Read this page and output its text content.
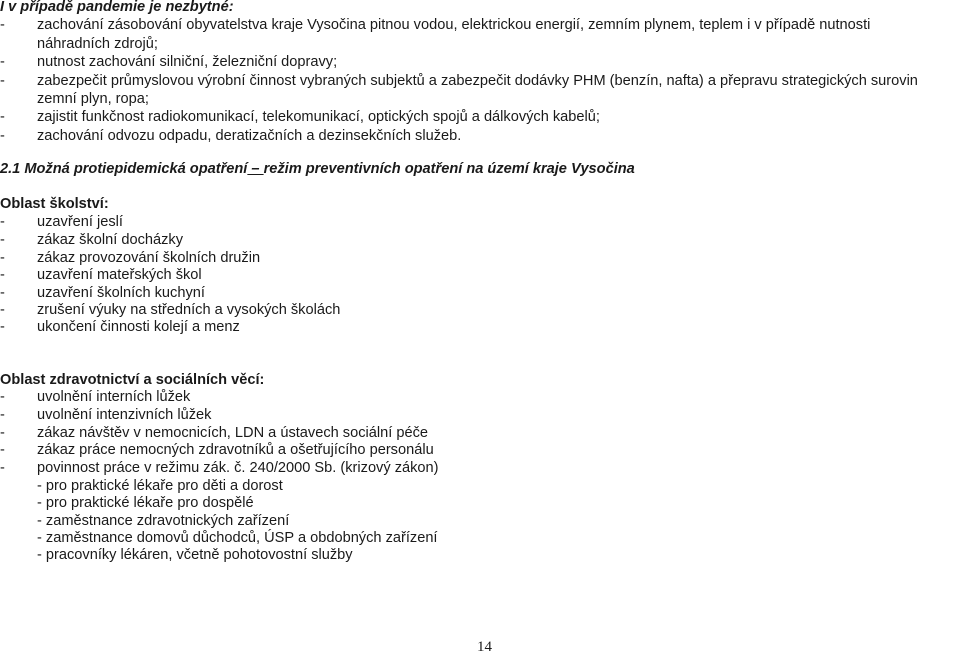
I v případě pandemie je nezbytné:
- zachování zásobování obyvatelstva kraje Vysočina pitnou vodou, elektrickou energií, zemním plynem, teplem i v případě nutnosti
náhradních zdrojů;
- nutnost zachování silniční, železniční dopravy;
- zabezpečit průmyslovou výrobní činnost vybraných subjektů a zabezpečit dodávky PHM (benzín, nafta) a přepravu strategických surovin
zemní plyn, ropa;
- zajistit funkčnost radiokomunikací, telekomunikací, optických spojů a dálkových kabelů;
- zachování odvozu odpadu, deratizačních a dezinsekčních služeb.
2.1 Možná protiepidemická opatření – režim preventivních opatření na území kraje Vysočina
Oblast školství:
- uzavření jeslí
- zákaz školní docházky
- zákaz provozování školních družin
- uzavření mateřských škol
- uzavření školních kuchyní
- zrušení výuky na středních a vysokých školách
- ukončení činnosti kolejí a menz
Oblast zdravotnictví a sociálních věcí:
- uvolnění interních lůžek
- uvolnění intenzivních lůžek
- zákaz návštěv v nemocnicích, LDN a ústavech sociální péče
- zákaz práce nemocných zdravotníků a ošetřujícího personálu
- povinnost práce v režimu zák. č. 240/2000 Sb. (krizový zákon)
- pro praktické lékaře pro děti a dorost
- pro praktické lékaře pro dospělé
- zaměstnance zdravotnických zařízení
- zaměstnance domovů důchodců, ÚSP a obdobných zařízení
- pracovníky lékáren, včetně pohotovostní služby
14
